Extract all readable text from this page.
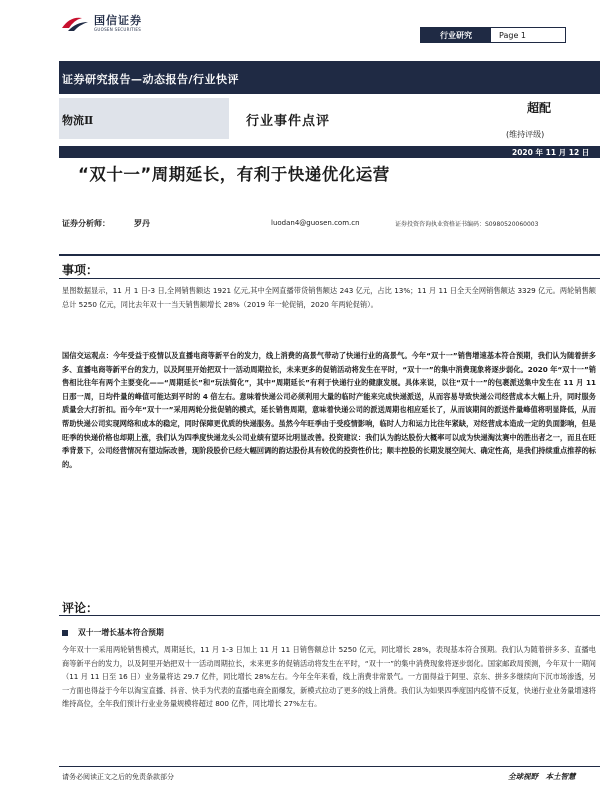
国信证券
GUOSEN SECURITIES
行业研究	Page 1
证券研究报告—动态报告/行业快评
物流Ⅱ	行业事件点评
超配
(维持评级)
2020 年 11 月 12 日
“双十一”周期延长，有利于快递优化运营
证券分析师：	罗丹	luodan4@guosen.com.cn	证券投资咨询执业资格证书编码：S0980520060003
事项：
星图数据显示，11 月 1 日-3 日,全网销售额达 1921 亿元,其中全网直播带货销售额达 243 亿元，占比 13%；11 月 11 日全天全网销售额达 3329 亿元。两轮销售额总计 5250 亿元，同比去年双十一当天销售额增长 28%（2019 年一轮促销，2020 年两轮促销）。
国信交运观点：今年受益于疫情以及直播电商等新平台的发力，线上消费的高景气带动了快递行业的高景气。今年“双十一”销售增速基本符合预期，我们认为随着拼多多、直播电商等新平台的发力，以及阿里开始把双十一活动周期拉长，未来更多的促销活动将发生在平时，“双十一”的集中消费现象将逐步弱化。2020 年“双十一”销售相比往年有两个主要变化——“周期延长”和“玩法简化”，其中“周期延长”有利于快递行业的健康发展。具体来说，以往“双十一”的包裹派送集中发生在 11 月 11 日那一周，日均件量的峰值可能达到平时的 4 倍左右。意味着快递公司必须利用大量的临时产能来完成快递派送，从而容易导致快递公司经营成本大幅上升，同时服务质量会大打折扣。而今年“双十一”采用两轮分批促销的模式，延长销售周期，意味着快递公司的派送周期也相应延长了，从而该期间的派送件量峰值将明显降低，从而帮助快递公司实现网络和成本的稳定，同时保障更优质的快递服务。虽然今年旺季由于受疫情影响，临时人力和运力比往年紧缺，对经营成本造成一定的负面影响，但是旺季的快递价格也却期上涨，我们认为四季度快递龙头公司业绩有望环比明显改善。投资建议：我们认为韵达股份大概率可以成为快递淘汰赛中的胜出者之一，而且在旺季背景下，公司经营情况有望边际改善，现阶段股价已经大幅回调的韵达股份具有较优的投资性价比；顺丰控股的长期发展空间大、确定性高，是我们持续重点推荐的标的。
评论：
双十一增长基本符合预期
今年双十一采用两轮销售模式，周期延长，11 月 1-3 日加上 11 月 11 日销售额总计 5250 亿元，同比增长 28%，表现基本符合预期。我们认为随着拼多多、直播电商等新平台的发力，以及阿里开始把双十一活动周期拉长，未来更多的促销活动将发生在平时，“双十一”的集中消费现象将逐步弱化。国家邮政局预测，今年双十一期间（11 月 11 日至 16 日）业务量将达 29.7 亿件，同比增长 28%左右。今年全年来看，线上消费非常景气。一方面得益于阿里、京东、拼多多继续向下沉市场渗透，另一方面也得益于今年以淘宝直播、抖音、快手为代表的直播电商全面爆发，新模式拉动了更多的线上消费。我们认为如果四季度国内疫情不反复，快递行业业务量增速将维持高位，全年我们预计行业业务量规模将超过 800 亿件，同比增长 27%左右。
请务必阅读正文之后的免责条款部分	全球视野　本土智慧
